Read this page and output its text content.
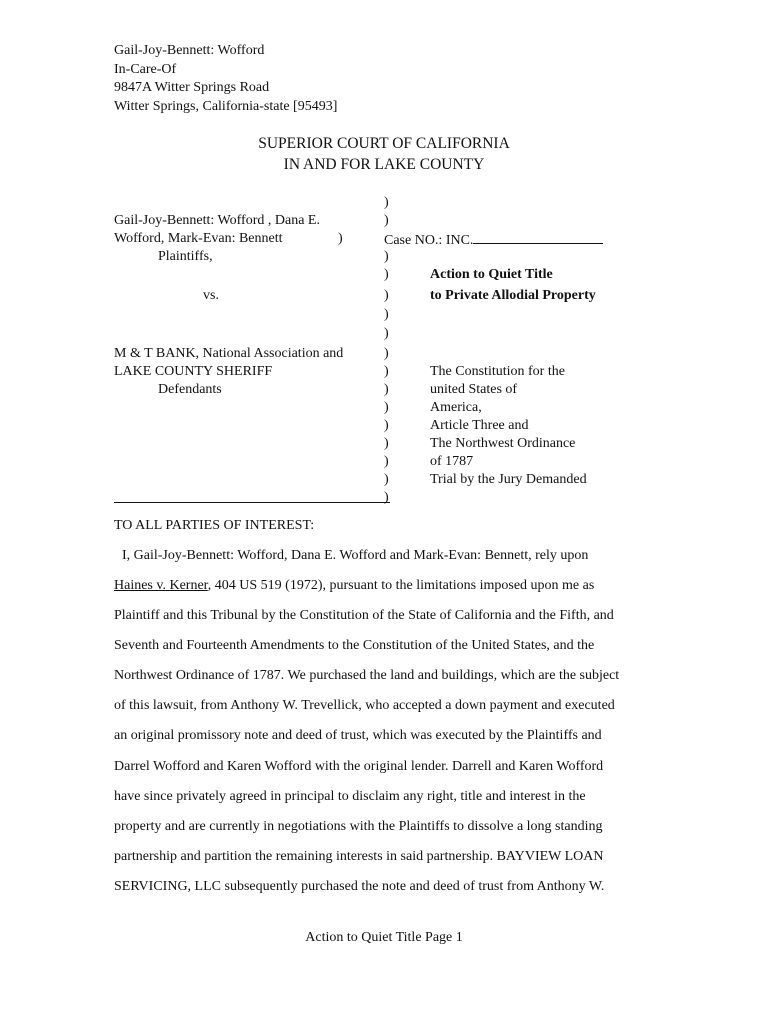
Gail-Joy-Bennett: Wofford
In-Care-Of
9847A Witter Springs Road
Witter Springs, California-state [95493]
SUPERIOR COURT OF CALIFORNIA
IN AND FOR LAKE COUNTY
Gail-Joy-Bennett: Wofford , Dana E.
Wofford, Mark-Evan: Bennett	)
Plaintiffs,
vs.
M & T BANK, National Association and
LAKE COUNTY SHERIFF
Defendants
)
)
)
)
)
)
)
)
)
)
)
)
)
)
)
)
Case NO.: INC.
Action to Quiet Title
to Private Allodial Property
The Constitution for the
united States of
America,
Article Three and
The Northwest Ordinance
of 1787
Trial by the Jury Demanded
TO ALL PARTIES OF INTEREST:
I, Gail-Joy-Bennett: Wofford, Dana E. Wofford and Mark-Evan: Bennett, rely upon
Haines v. Kerner, 404 US 519 (1972), pursuant to the limitations imposed upon me as
Plaintiff and this Tribunal by the Constitution of the State of California and the Fifth, and
Seventh and Fourteenth Amendments to the Constitution of the United States, and the
Northwest Ordinance of 1787. We purchased the land and buildings, which are the subject
of this lawsuit, from Anthony W. Trevellick, who accepted a down payment and executed
an original promissory note and deed of trust, which was executed by the Plaintiffs and
Darrel Wofford and Karen Wofford with the original lender. Darrell and Karen Wofford
have since privately agreed in principal to disclaim any right, title and interest in the
property and are currently in negotiations with the Plaintiffs to dissolve a long standing
partnership and partition the remaining interests in said partnership. BAYVIEW LOAN
SERVICING, LLC subsequently purchased the note and deed of trust from Anthony W.
Action to Quiet Title Page 1
